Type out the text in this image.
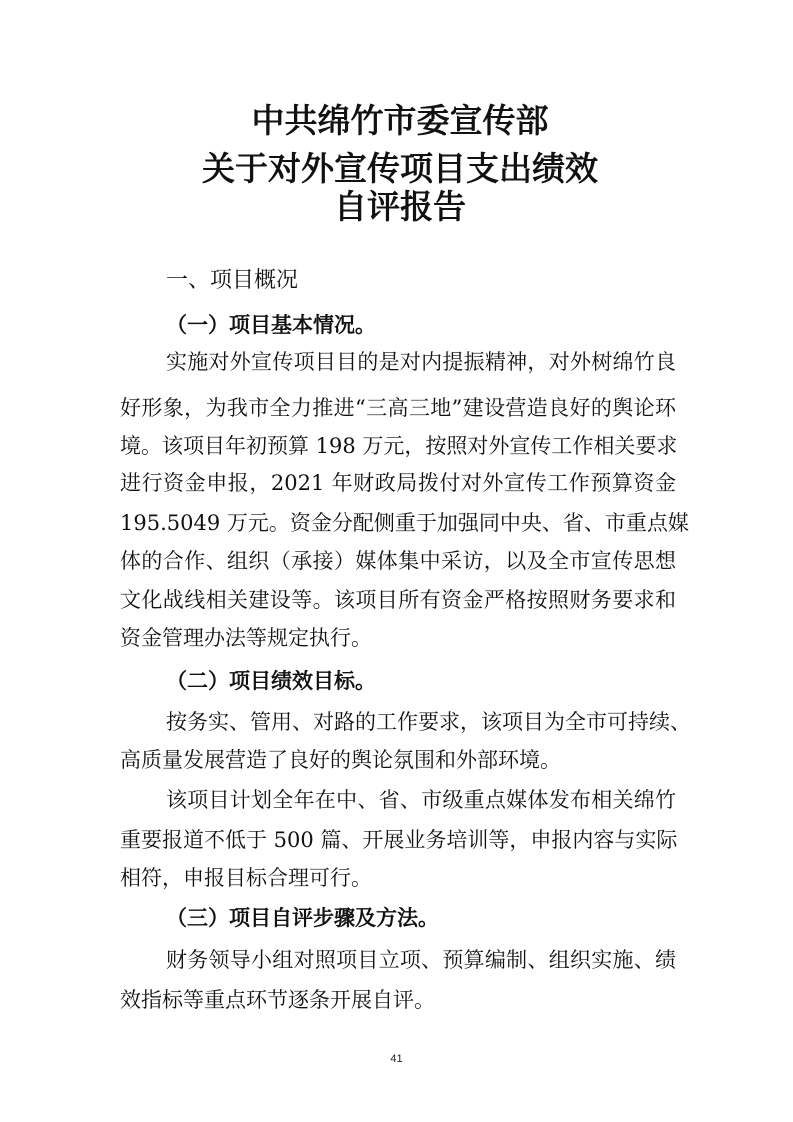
中共绵竹市委宣传部
关于对外宣传项目支出绩效
自评报告
一、项目概况
（一）项目基本情况。
实施对外宣传项目目的是对内提振精神，对外树绵竹良
好形象，为我市全力推进“三高三地”建设营造良好的舆论环
境。该项目年初预算 198 万元，按照对外宣传工作相关要求
进行资金申报，2021 年财政局拨付对外宣传工作预算资金
195.5049 万元。资金分配侧重于加强同中央、省、市重点媒
体的合作、组织（承接）媒体集中采访，以及全市宣传思想
文化战线相关建设等。该项目所有资金严格按照财务要求和
资金管理办法等规定执行。
（二）项目绩效目标。
按务实、管用、对路的工作要求，该项目为全市可持续、
高质量发展营造了良好的舆论氛围和外部环境。
该项目计划全年在中、省、市级重点媒体发布相关绵竹
重要报道不低于 500 篇、开展业务培训等，申报内容与实际
相符，申报目标合理可行。
（三）项目自评步骤及方法。
财务领导小组对照项目立项、预算编制、组织实施、绩
效指标等重点环节逐条开展自评。
41
